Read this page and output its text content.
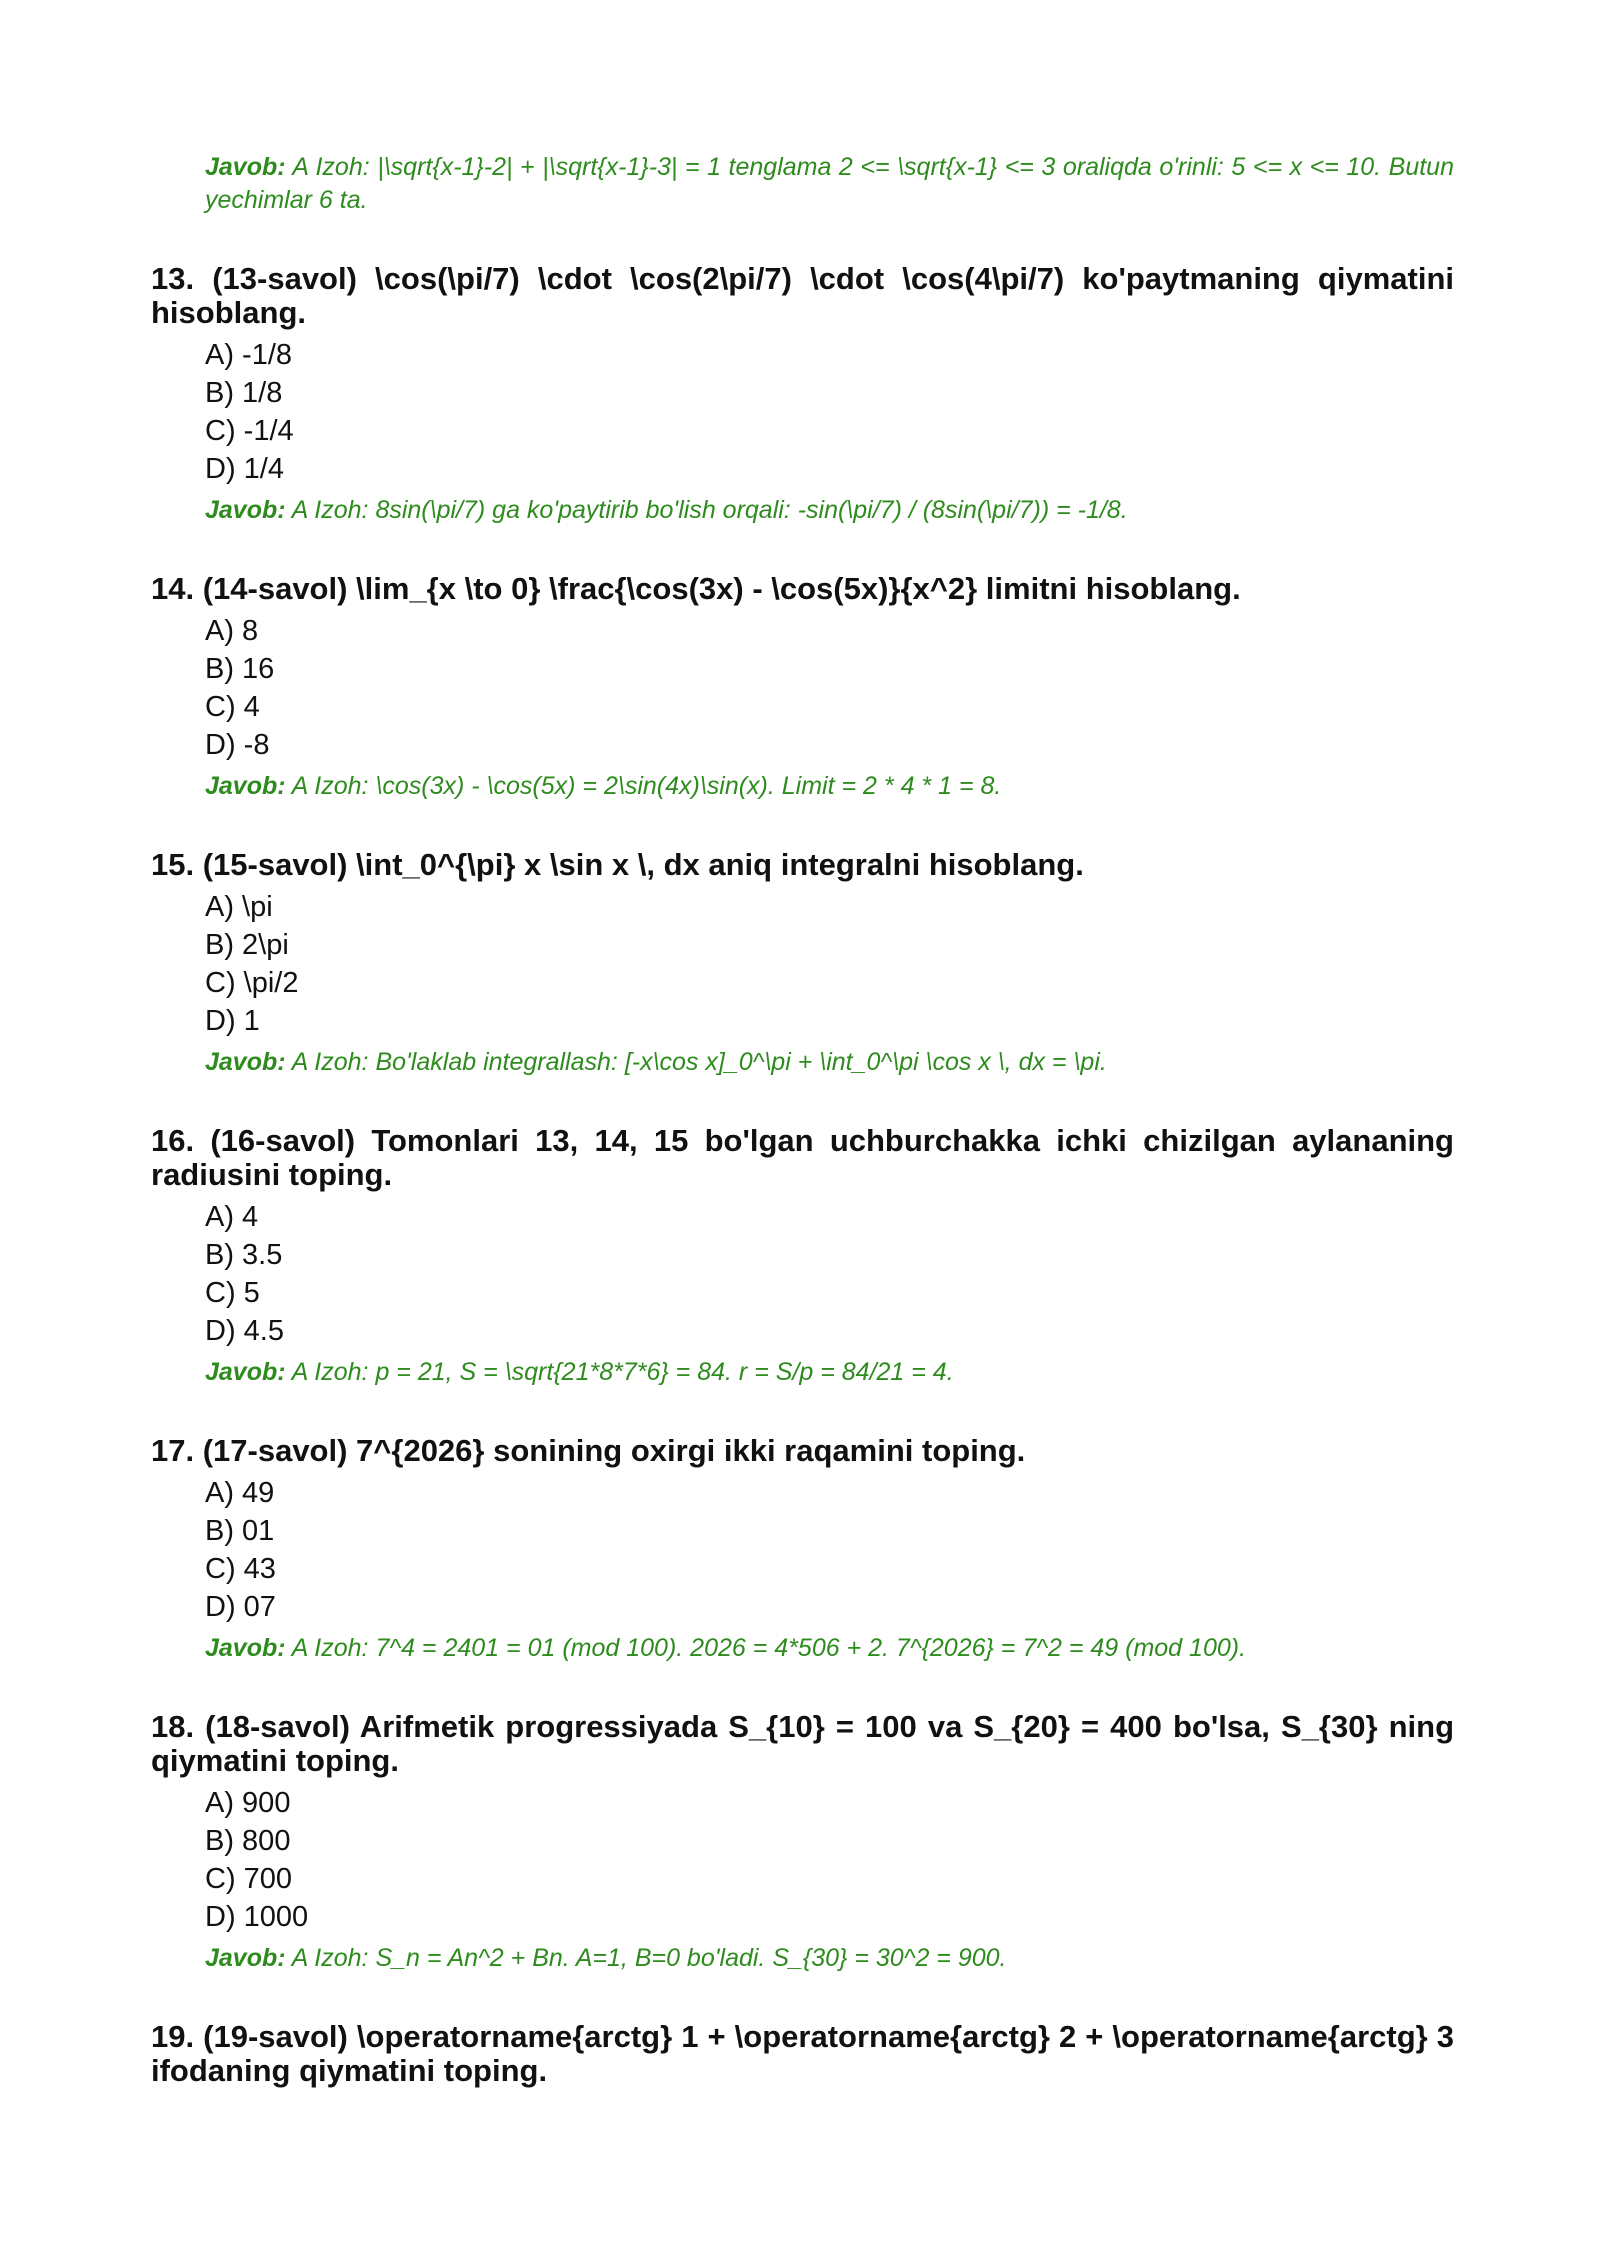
Javob: A Izoh: |\sqrt{x-1}-2| + |\sqrt{x-1}-3| = 1 tenglama 2 <= \sqrt{x-1} <= 3 oraliqda o'rinli: 5 <= x <= 10. Butun yechimlar 6 ta.

13. (13-savol) \cos(\pi/7) \cdot \cos(2\pi/7) \cdot \cos(4\pi/7) ko'paytmaning qiymatini hisoblang.

A) -1/8
B) 1/8
C) -1/4
D) 1/4
Javob: A Izoh: 8sin(\pi/7) ga ko'paytirib bo'lish orqali: -sin(\pi/7) / (8sin(\pi/7)) = -1/8.

14. (14-savol) \lim_{x \to 0} \frac{\cos(3x) - \cos(5x)}{x^2} limitni hisoblang.

A) 8
B) 16
C) 4
D) -8
Javob: A Izoh: \cos(3x) - \cos(5x) = 2\sin(4x)\sin(x). Limit = 2 * 4 * 1 = 8.

15. (15-savol) \int_0^{\pi} x \sin x \, dx aniq integralni hisoblang.

A) \pi
B) 2\pi
C) \pi/2
D) 1
Javob: A Izoh: Bo'laklab integrallash: [-x\cos x]_0^\pi + \int_0^\pi \cos x \, dx = \pi.

16. (16-savol) Tomonlari 13, 14, 15 bo'lgan uchburchakka ichki chizilgan aylananing radiusini toping.

A) 4
B) 3.5
C) 5
D) 4.5
Javob: A Izoh: p = 21, S = \sqrt{21*8*7*6} = 84. r = S/p = 84/21 = 4.

17. (17-savol) 7^{2026} sonining oxirgi ikki raqamini toping.

A) 49
B) 01
C) 43
D) 07
Javob: A Izoh: 7^4 = 2401 = 01 (mod 100). 2026 = 4*506 + 2. 7^{2026} = 7^2 = 49 (mod 100).

18. (18-savol) Arifmetik progressiyada S_{10} = 100 va S_{20} = 400 bo'lsa, S_{30} ning qiymatini toping.

A) 900
B) 800
C) 700
D) 1000
Javob: A Izoh: S_n = An^2 + Bn. A=1, B=0 bo'ladi. S_{30} = 30^2 = 900.

19. (19-savol) \operatorname{arctg} 1 + \operatorname{arctg} 2 + \operatorname{arctg} 3 ifodaning qiymatini toping.
